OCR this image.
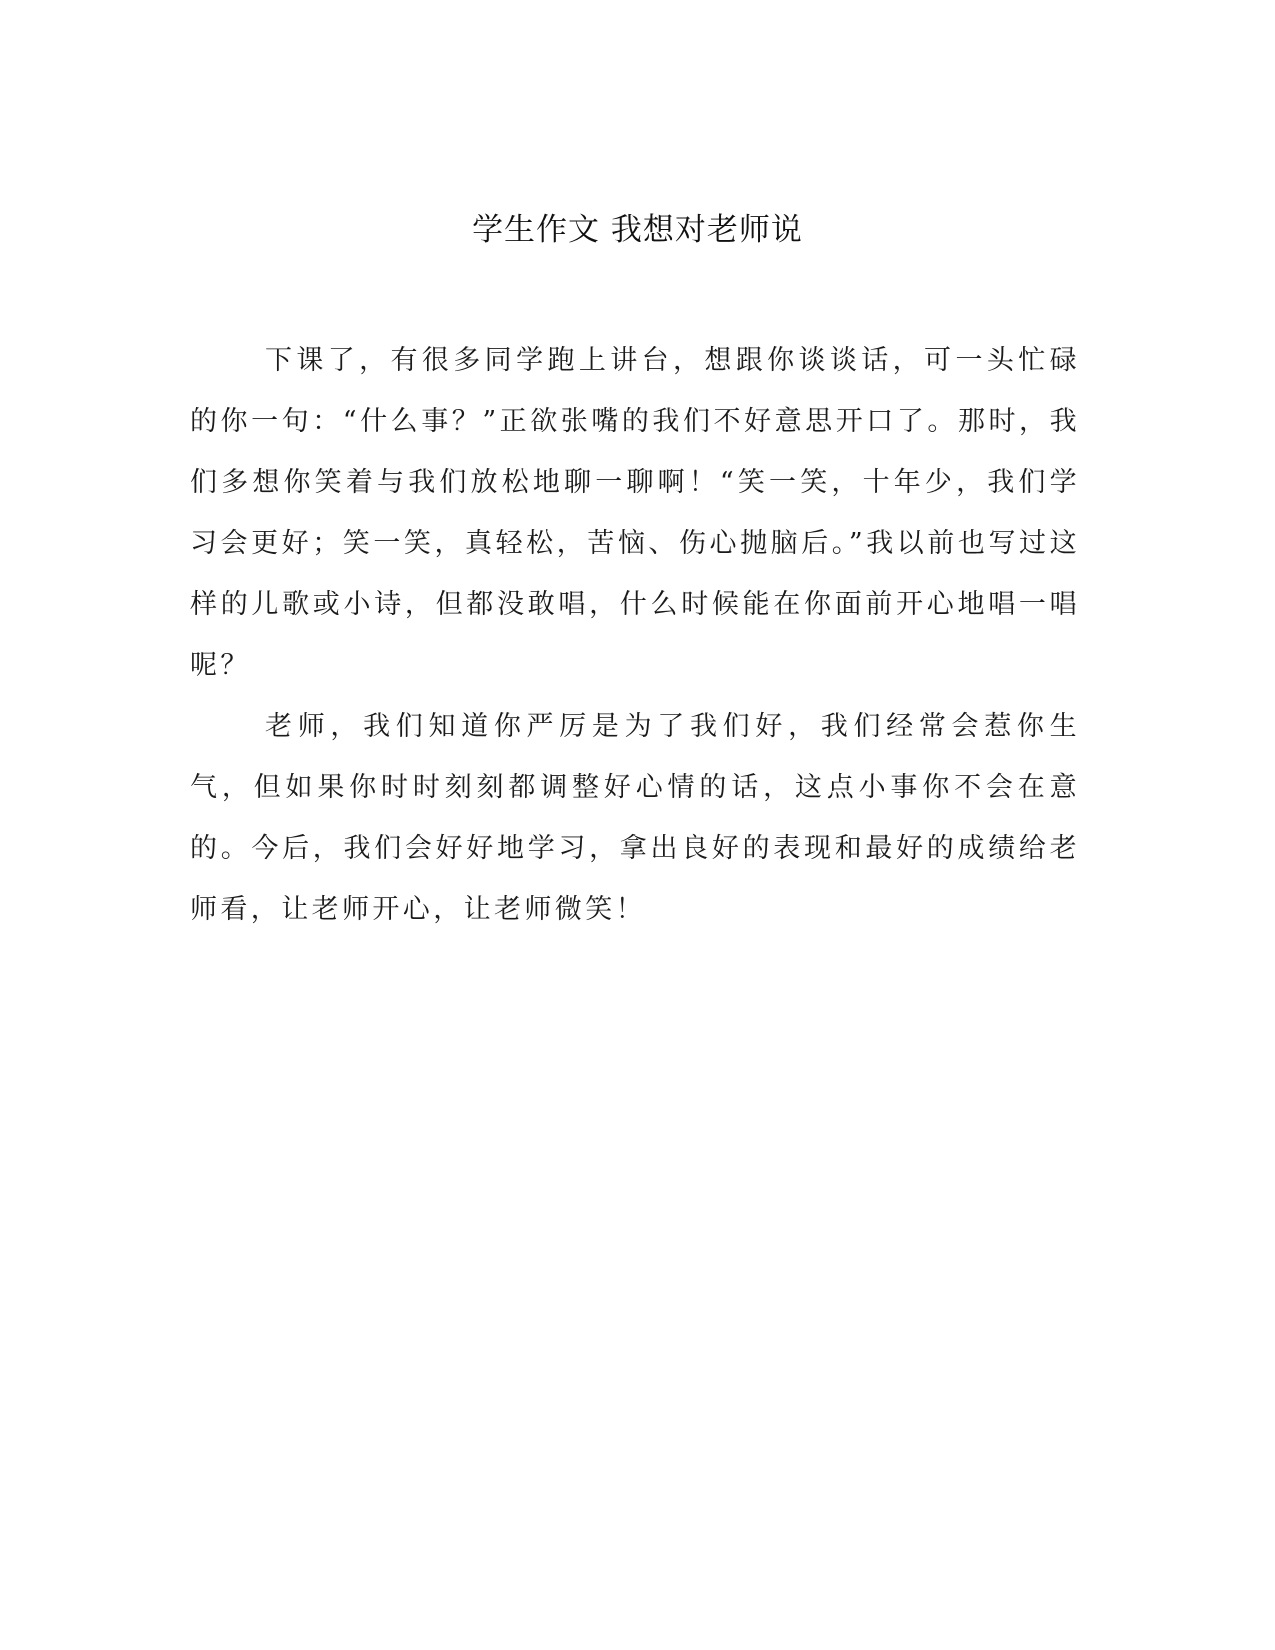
学生作文 我想对老师说

下课了，有很多同学跑上讲台，想跟你谈谈话，可一头忙碌的你一句：“什么事？”正欲张嘴的我们不好意思开口了。那时，我们多想你笑着与我们放松地聊一聊啊！“笑一笑，十年少，我们学习会更好；笑一笑，真轻松，苦恼、伤心抛脑后。”我以前也写过这样的儿歌或小诗，但都没敢唱，什么时候能在你面前开心地唱一唱呢？

老师，我们知道你严厉是为了我们好，我们经常会惹你生气，但如果你时时刻刻都调整好心情的话，这点小事你不会在意的。今后，我们会好好地学习，拿出良好的表现和最好的成绩给老师看，让老师开心，让老师微笑！
